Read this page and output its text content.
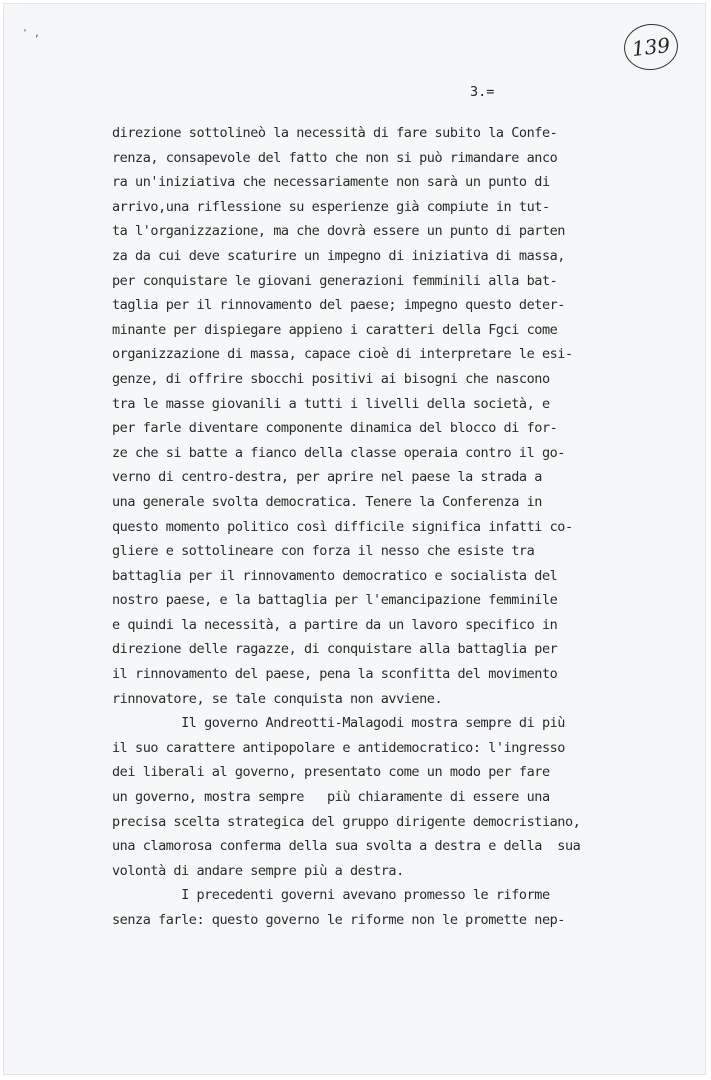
' ,	139
3.=
direzione sottolineò la necessità di fare subito la Confe-
renza, consapevole del fatto che non si può rimandare anco
ra un'iniziativa che necessariamente non sarà un punto di
arrivo,una riflessione su esperienze già compiute in tut-
ta l'organizzazione, ma che dovrà essere un punto di parten
za da cui deve scaturire un impegno di iniziativa di massa,
per conquistare le giovani generazioni femminili alla bat-
taglia per il rinnovamento del paese; impegno questo deter-
minante per dispiegare appieno i caratteri della Fgci come
organizzazione di massa, capace cioè di interpretare le esi-
genze, di offrire sbocchi positivi ai bisogni che nascono
tra le masse giovanili a tutti i livelli della società, e
per farle diventare componente dinamica del blocco di for-
ze che si batte a fianco della classe operaia contro il go-
verno di centro-destra, per aprire nel paese la strada a
una generale svolta democratica. Tenere la Conferenza in
questo momento politico così difficile significa infatti co-
gliere e sottolineare con forza il nesso che esiste tra
battaglia per il rinnovamento democratico e socialista del
nostro paese, e la battaglia per l'emancipazione femminile
e quindi la necessità, a partire da un lavoro specifico in
direzione delle ragazze, di conquistare alla battaglia per
il rinnovamento del paese, pena la sconfitta del movimento
rinnovatore, se tale conquista non avviene.
Il governo Andreotti-Malagodi mostra sempre di più
il suo carattere antipopolare e antidemocratico: l'ingresso
dei liberali al governo, presentato come un modo per fare
un governo, mostra sempre   più chiaramente di essere una
precisa scelta strategica del gruppo dirigente democristiano,
una clamorosa conferma della sua svolta a destra e della  sua
volontà di andare sempre più a destra.
I precedenti governi avevano promesso le riforme
senza farle: questo governo le riforme non le promette nep-
